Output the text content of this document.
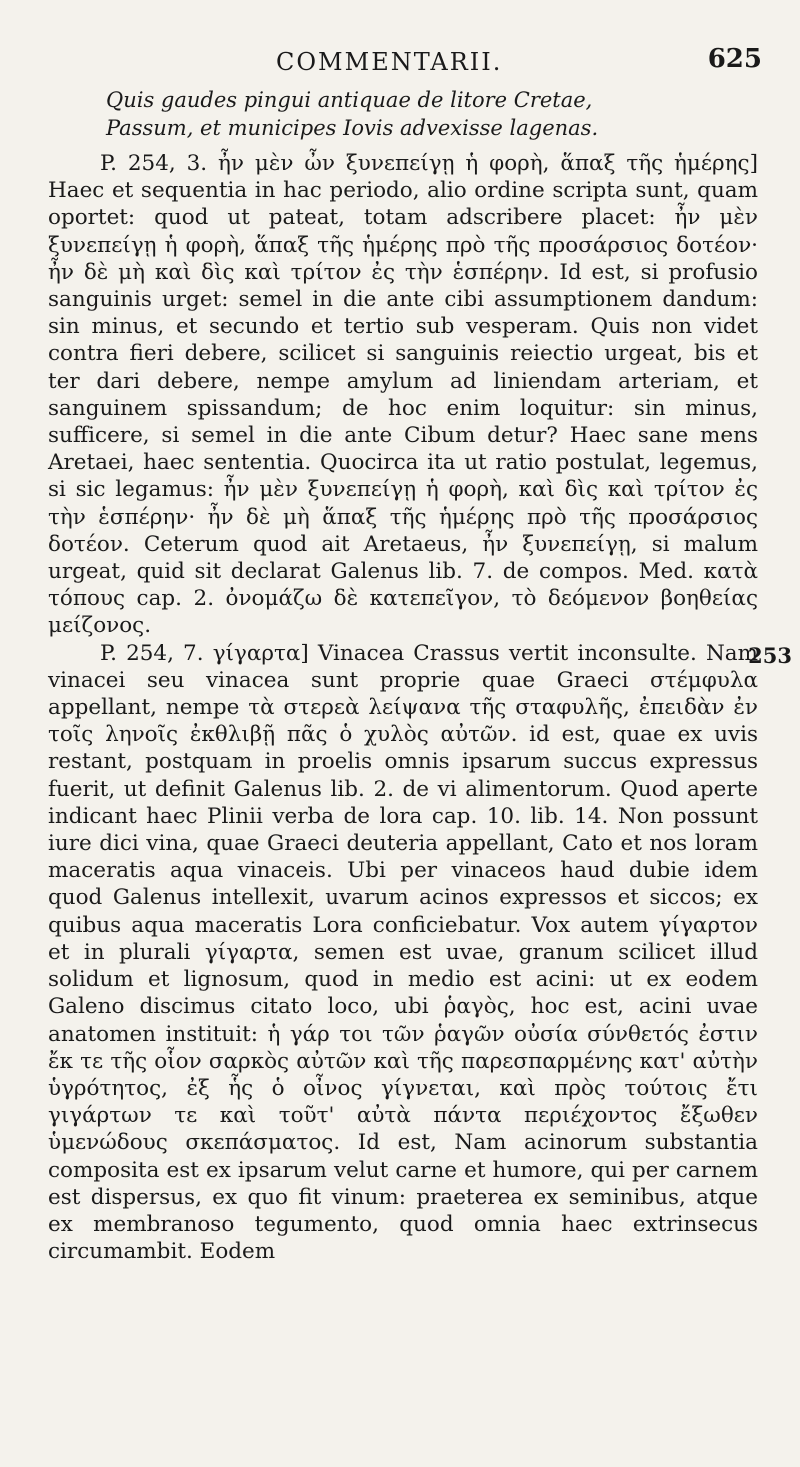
COMMENTARII.	625
Quis gaudes pingui antiquae de litore Cretae,
Passum, et municipes Iovis advexisse lagenas.

P. 254, 3. ἦν μὲν ὦν ξυνεπείγῃ ἡ φορὴ, ἅπαξ τῆς ἡμέρης] Haec et sequentia in hac periodo, alio ordine scripta sunt, quam oportet: quod ut pateat, totam adscribere placet: ἦν μὲν ξυνεπείγῃ ἡ φορὴ, ἅπαξ τῆς ἡμέρης πρὸ τῆς προσάρσιος δοτέον· ἦν δὲ μὴ καὶ δὶς καὶ τρίτον ἐς τὴν ἑσπέρην. Id est, si profusio sanguinis urget: semel in die ante cibi assumptionem dandum: sin minus, et secundo et tertio sub vesperam. Quis non videt contra fieri debere, scilicet si sanguinis reiectio urgeat, bis et ter dari debere, nempe amylum ad liniendam arteriam, et sanguinem spissandum; de hoc enim loquitur: sin minus, sufficere, si semel in die ante Cibum detur? Haec sane mens Aretaei, haec sententia. Quocirca ita ut ratio postulat, legemus, si sic legamus: ἦν μὲν ξυνεπείγῃ ἡ φορὴ, καὶ δὶς καὶ τρίτον ἐς τὴν ἑσπέρην· ἦν δὲ μὴ ἅπαξ τῆς ἡμέρης πρὸ τῆς προσάρσιος δοτέον. Ceterum quod ait Aretaeus, ἦν ξυνεπείγῃ, si malum urgeat, quid sit declarat Galenus lib. 7. de compos. Med. κατὰ τόπους cap. 2. ὀνομάζω δὲ κατεπεῖγον, τὸ δεόμενον βοηθείας μείζονος.

P. 254, 7. γίγαρτα] Vinacea Crassus vertit inconsulte. Nam vinacei seu vinacea sunt proprie quae Graeci στέμφυλα appellant, nempe τὰ στερεὰ λείψανα τῆς σταφυλῆς, ἐπειδὰν ἐν τοῖς ληνοῖς ἐκθλιβῇ πᾶς ὁ χυλὸς αὐτῶν. id est, quae ex uvis restant, postquam in proelis omnis ipsarum succus expressus fuerit, ut definit Galenus lib. 2. de vi alimentorum. Quod aperte indicant haec Plinii verba de lora cap. 10. lib. 14. Non possunt iure dici vina, quae Graeci deuteria appellant, Cato et nos loram maceratis aqua vinaceis. Ubi per vinaceos haud dubie idem quod Galenus intellexit, uvarum acinos expressos et siccos; ex quibus aqua maceratis Lora conficiebatur. Vox autem γίγαρτον et in plurali γίγαρτα, semen est uvae, granum scilicet illud solidum et lignosum, quod in medio est acini: ut ex eodem Galeno discimus citato loco, ubi ῥαγὸς, hoc est, acini uvae anatomen instituit: ἡ γάρ τοι τῶν ῥαγῶν οὐσία σύνθετός ἐστιν ἔκ τε τῆς οἷον σαρκὸς αὐτῶν καὶ τῆς παρεσπαρμένης κατ' αὐτὴν ὑγρότητος, ἐξ ἧς ὁ οἶνος γίγνεται, καὶ πρὸς τούτοις ἔτι γιγάρτων τε καὶ τοῦτ' αὐτὰ πάντα περιέχοντος ἔξωθεν ὑμενώδους σκεπάσματος. Id est, Nam acinorum substantia composita est ex ipsarum velut carne et humore, qui per carnem est dispersus, ex quo fit vinum: praeterea ex seminibus, atque ex membranoso tegumento, quod omnia haec extrinsecus circumambit. Eodem

253
